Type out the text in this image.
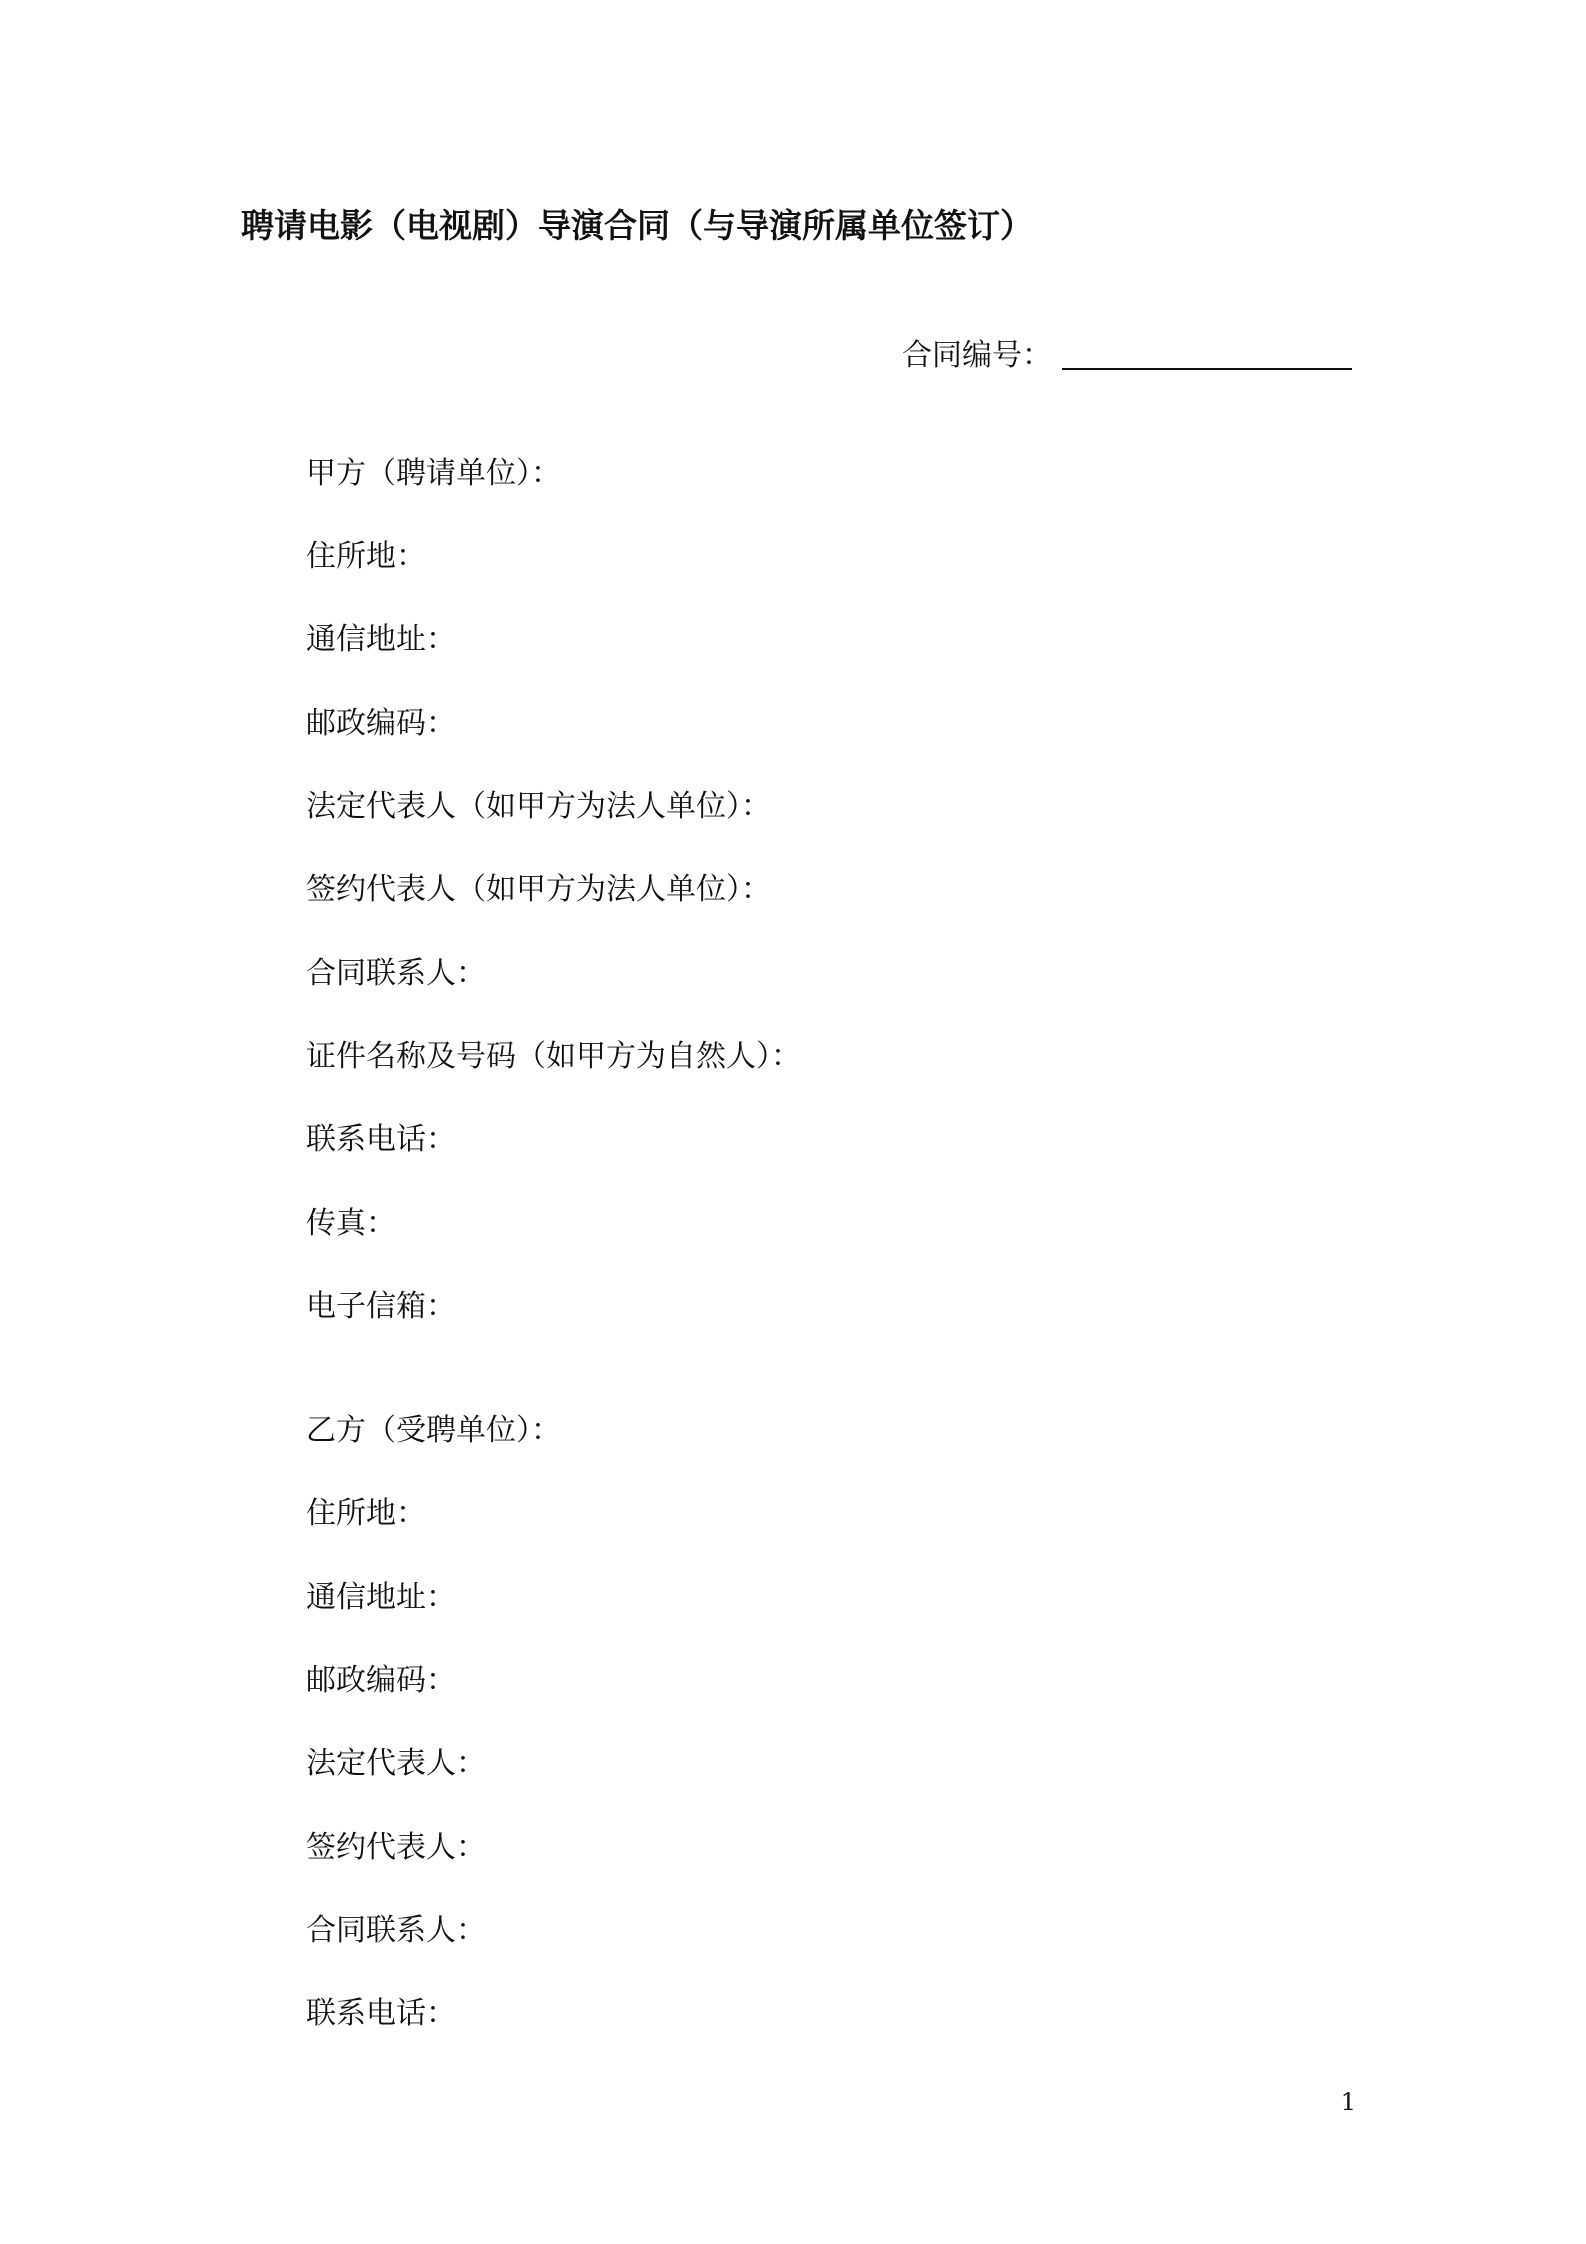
聘请电影（电视剧）导演合同（与导演所属单位签订）
合同编号：
甲方（聘请单位）：
住所地：
通信地址：
邮政编码：
法定代表人（如甲方为法人单位）：
签约代表人（如甲方为法人单位）：
合同联系人：
证件名称及号码（如甲方为自然人）：
联系电话：
传真：
电子信箱：
乙方（受聘单位）：
住所地：
通信地址：
邮政编码：
法定代表人：
签约代表人：
合同联系人：
联系电话：
1
